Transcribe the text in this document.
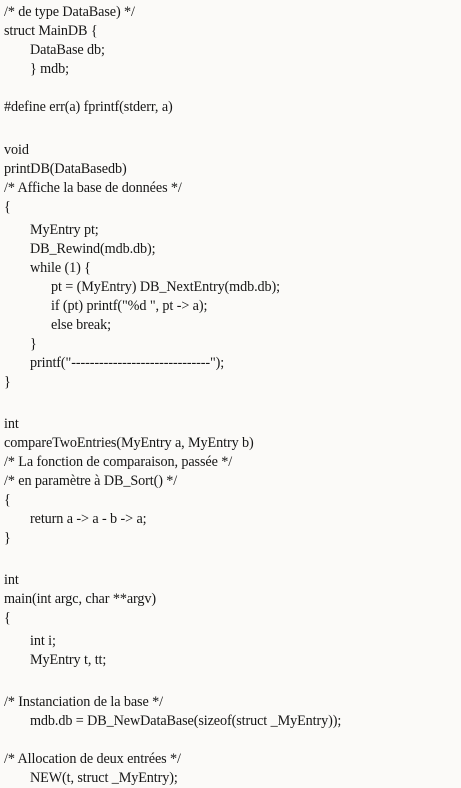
/* de type DataBase) */
struct MainDB {
DataBase db;
} mdb;
#define err(a) fprintf(stderr, a)
void
printDB(DataBasedb)
/* Affiche la base de données */
{
MyEntry pt;
DB_Rewind(mdb.db);
while (1) {
pt = (MyEntry) DB_NextEntry(mdb.db);
if (pt) printf("%d ", pt -> a);
else break;
}
printf("------------------------------");
}
int
compareTwoEntries(MyEntry a, MyEntry b)
/* La fonction de comparaison, passée */
/* en paramètre à DB_Sort() */
{
return a -> a - b -> a;
}
int
main(int argc, char **argv)
{
int i;
MyEntry t, tt;
/* Instanciation de la base */
mdb.db = DB_NewDataBase(sizeof(struct _MyEntry));
/* Allocation de deux entrées */
NEW(t, struct _MyEntry);
